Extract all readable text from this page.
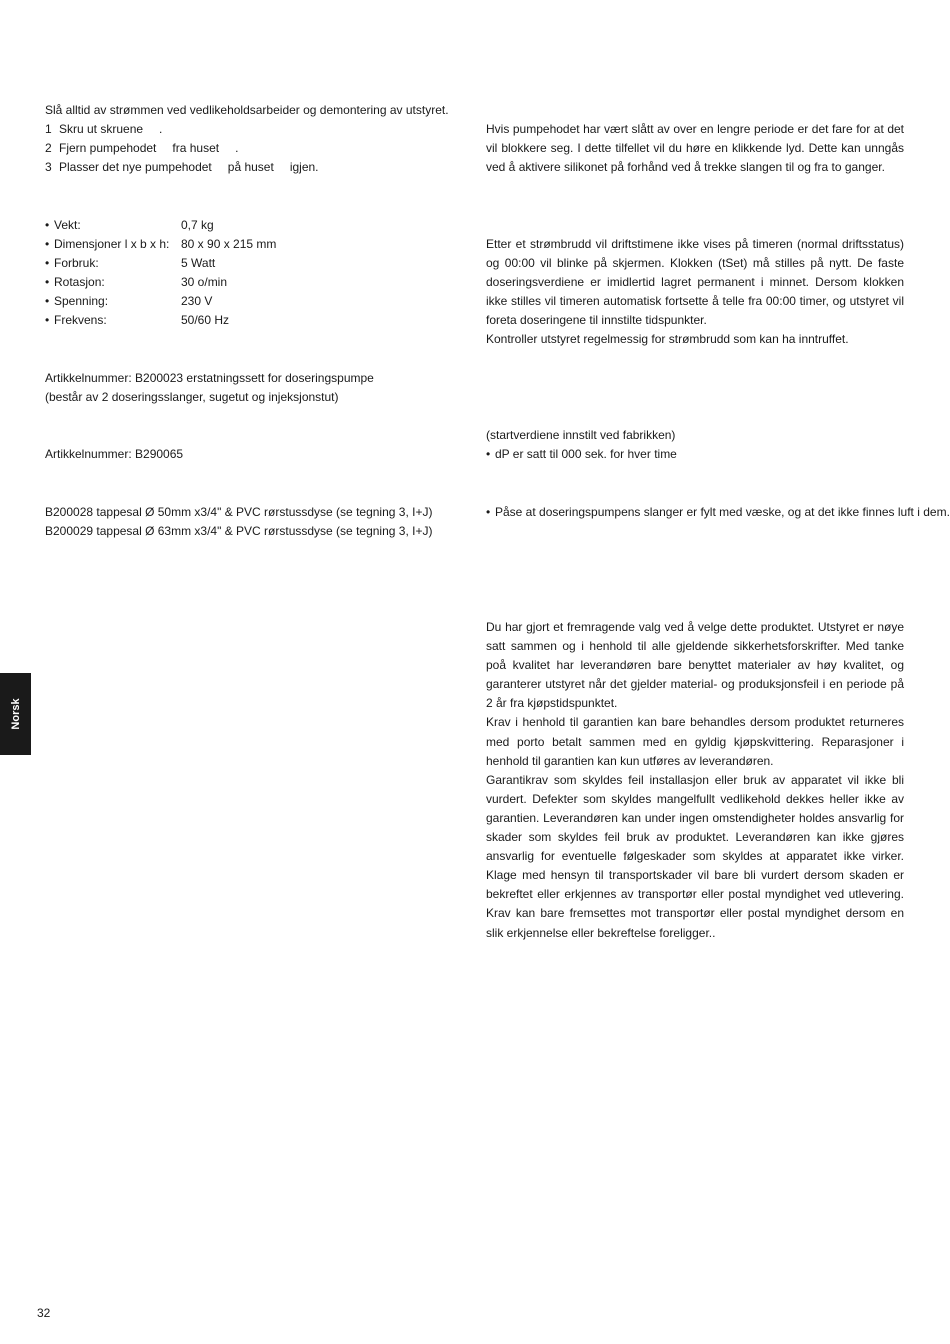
Slå alltid av strømmen ved vedlikeholdsarbeider og demontering av utstyret.
1 Skru ut skruene .
2 Fjern pumpehodet fra huset .
3 Plasser det nye pumpehodet på huset igjen.
• Vekt:	0,7 kg
• Dimensjoner l x b x h: 80 x 90 x 215 mm
• Forbruk:	5 Watt
• Rotasjon:	30 o/min
• Spenning:	230 V
• Frekvens:	50/60 Hz
Artikkelnummer: B200023 erstatningssett for doseringspumpe
(består av 2 doseringsslanger, sugetut og injeksjonstut)
Artikkelnummer: B290065
B200028 tappesal Ø 50mm x3/4" & PVC rørstussdyse (se tegning 3, I+J)
B200029 tappesal Ø 63mm x3/4" & PVC rørstussdyse (se tegning 3, I+J)

Hvis pumpehodet har vært slått av over en lengre periode er det fare for at det vil blokkere seg. I dette tilfellet vil du høre en klikkende lyd. Dette kan unngås ved å aktivere silikonet på forhånd ved å trekke slangen til og fra to ganger.

Etter et strømbrudd vil driftstimene ikke vises på timeren (normal driftsstatus) og 00:00 vil blinke på skjermen. Klokken (tSet) må stilles på nytt. De faste doseringsverdiene er imidlertid lagret permanent i minnet. Dersom klokken ikke stilles vil timeren automatisk fortsette å telle fra 00:00 timer, og utstyret vil foreta doseringene til innstilte tidspunkter.

Kontroller utstyret regelmessig for strømbrudd som kan ha inntruffet.

(startverdiene innstilt ved fabrikken)
• dP er satt til 000 sek. for hver time
• Påse at doseringspumpens slanger er fylt med væske, og at det ikke finnes luft i dem.

Du har gjort et fremragende valg ved å velge dette produktet. Utstyret er nøye satt sammen og i henhold til alle gjeldende sikkerhetsforskrifter. Med tanke poå kvalitet har leverandøren bare benyttet materialer av høy kvalitet, og garanterer utstyret når det gjelder material- og produksjonsfeil i en periode på 2 år fra kjøpstidspunktet.

Krav i henhold til garantien kan bare behandles dersom produktet returneres med porto betalt sammen med en gyldig kjøpskvittering. Reparasjoner i henhold til garantien kan kun utføres av leverandøren.

Garantikrav som skyldes feil installasjon eller bruk av apparatet vil ikke bli vurdert. Defekter som skyldes mangelfullt vedlikehold dekkes heller ikke av garantien. Leverandøren kan under ingen omstendigheter holdes ansvarlig for skader som skyldes feil bruk av produktet. Leverandøren kan ikke gjøres ansvarlig for eventuelle følgeskader som skyldes at apparatet ikke virker. Klage med hensyn til transportskader vil bare bli vurdert dersom skaden er bekreftet eller erkjennes av transportør eller postal myndighet ved utlevering. Krav kan bare fremsettes mot transportør eller postal myndighet dersom en slik erkjennelse eller bekreftelse foreligger..

Norsk
32
